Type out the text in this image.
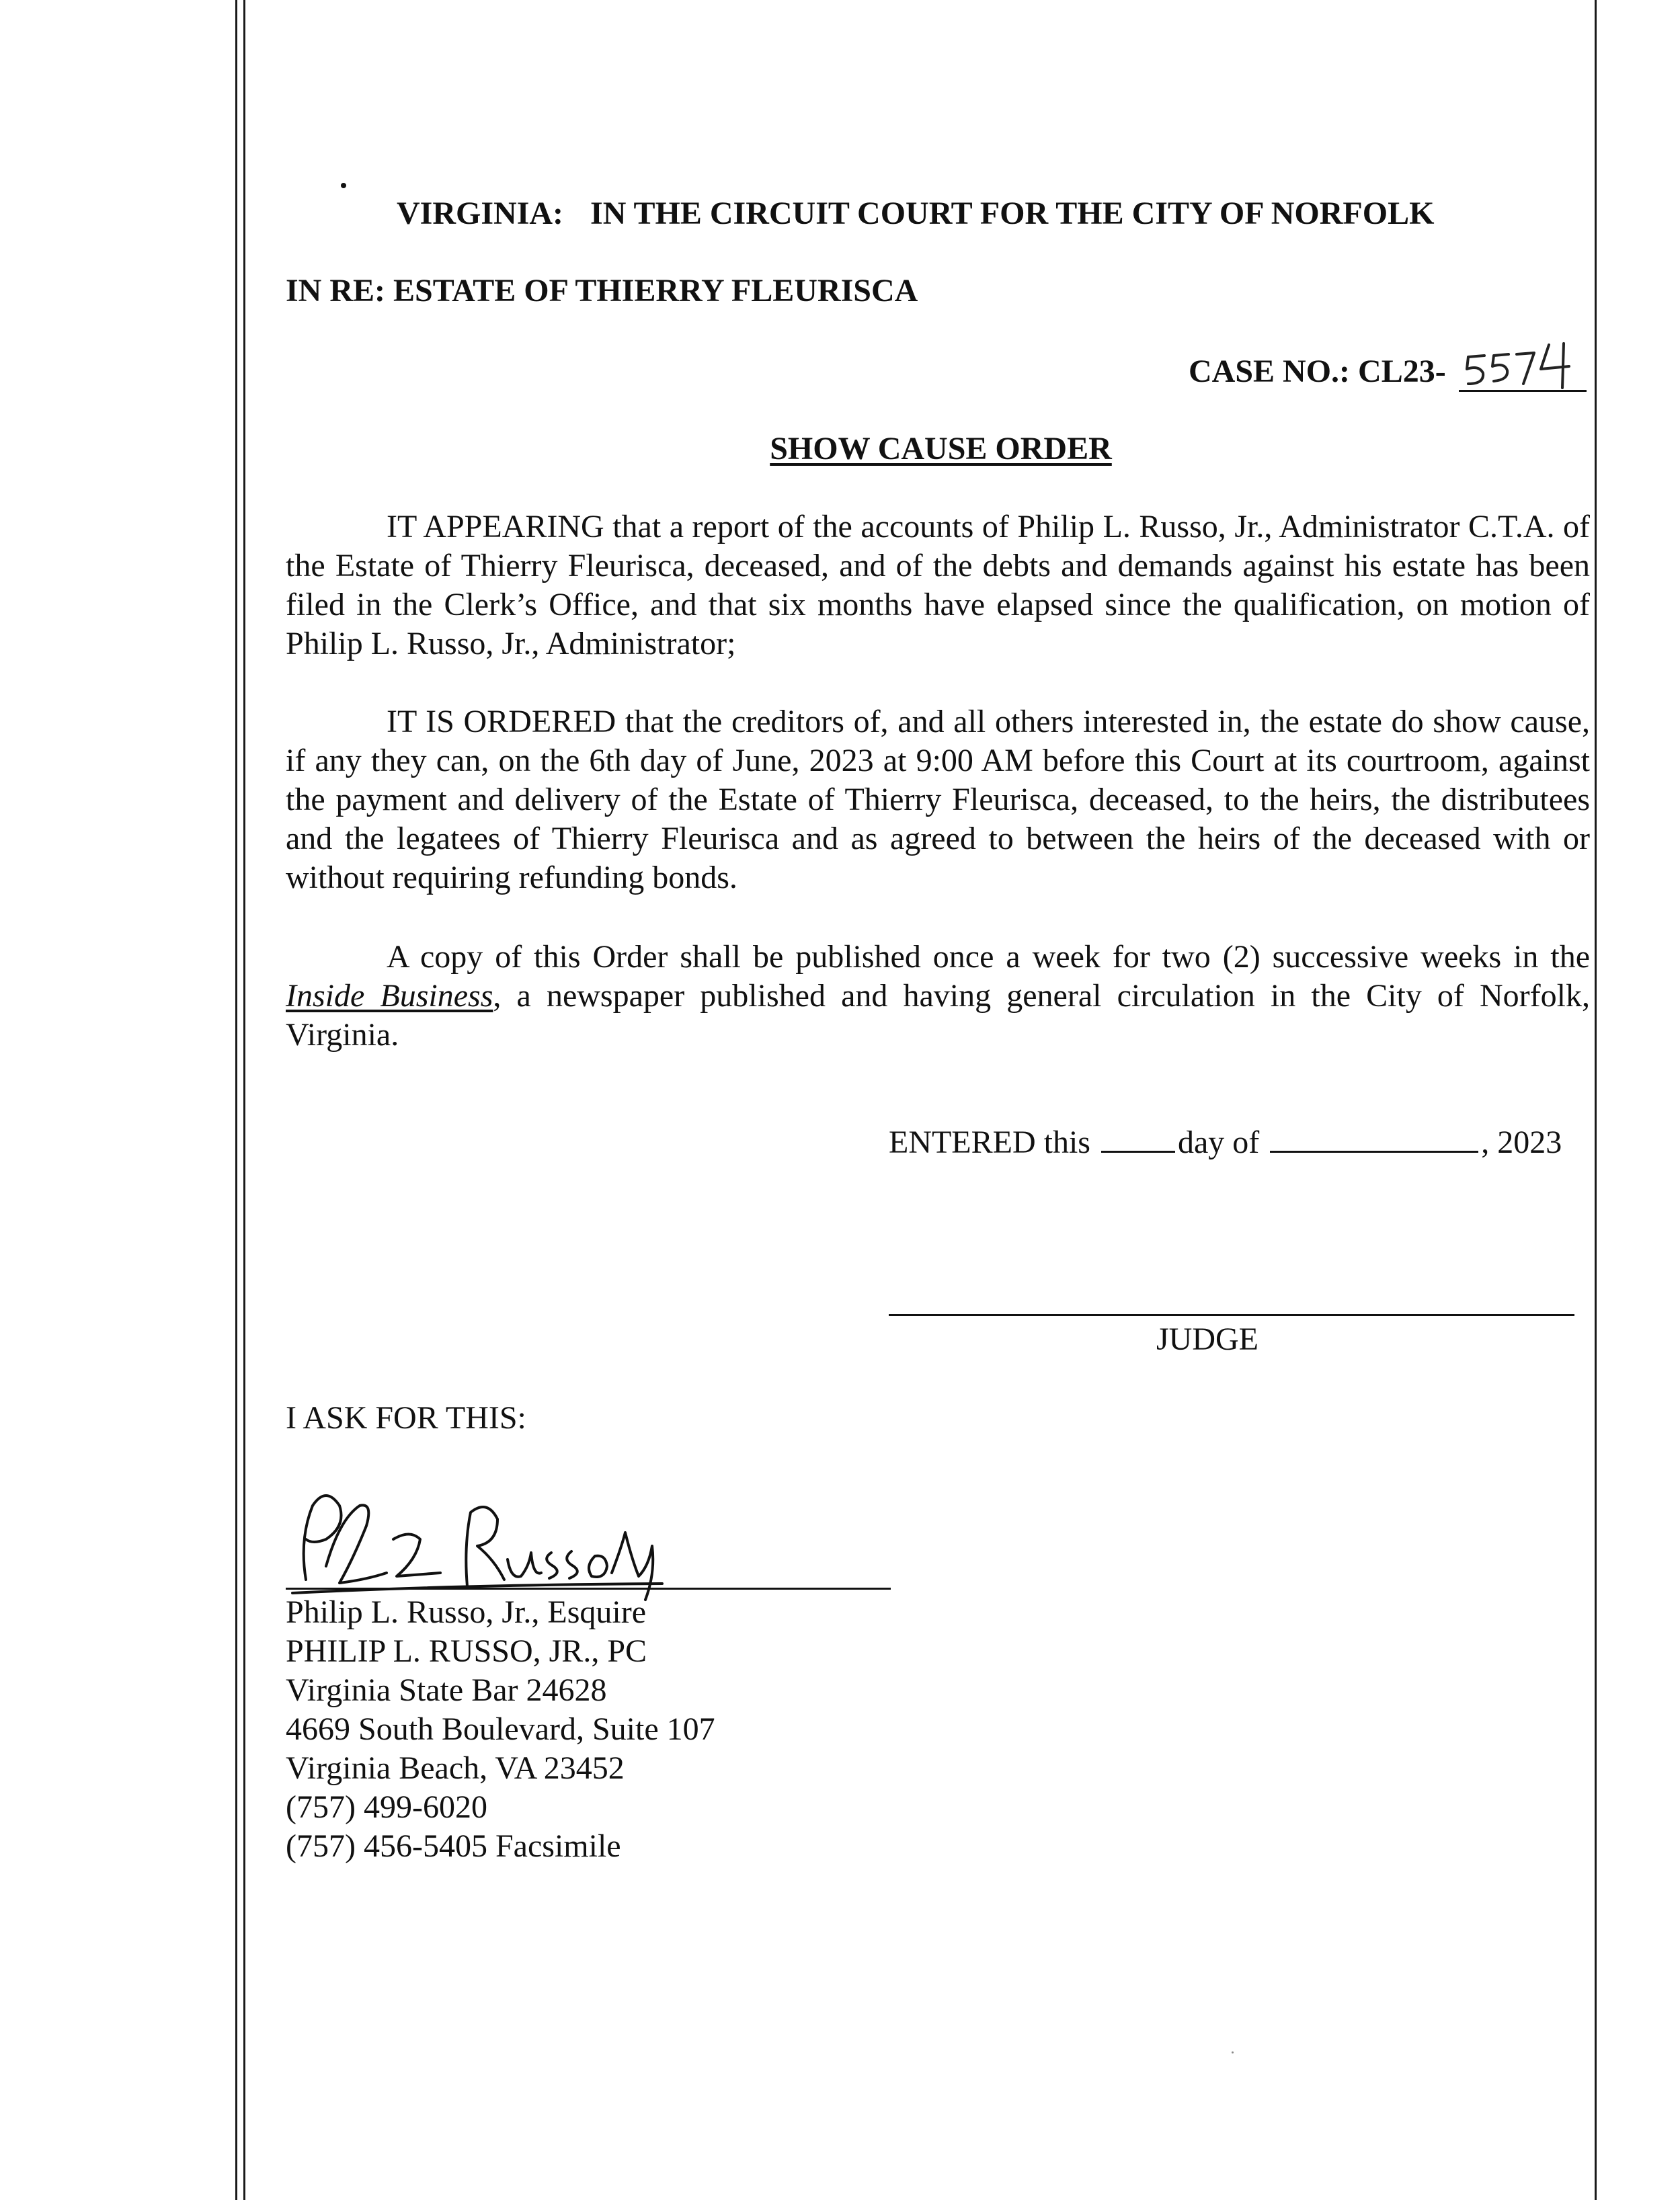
VIRGINIA: IN THE CIRCUIT COURT FOR THE CITY OF NORFOLK
IN RE: ESTATE OF THIERRY FLEURISCA
CASE NO.: CL23-
SHOW CAUSE ORDER
IT APPEARING that a report of the accounts of Philip L. Russo, Jr., Administrator C.T.A. of the Estate of Thierry Fleurisca, deceased, and of the debts and demands against his estate has been filed in the Clerk’s Office, and that six months have elapsed since the qualification, on motion of Philip L. Russo, Jr., Administrator;
IT IS ORDERED that the creditors of, and all others interested in, the estate do show cause, if any they can, on the 6th day of June, 2023 at 9:00 AM before this Court at its courtroom, against the payment and delivery of the Estate of Thierry Fleurisca, deceased, to the heirs, the distributees and the legatees of Thierry Fleurisca and as agreed to between the heirs of the deceased with or without requiring refunding bonds.
A copy of this Order shall be published once a week for two (2) successive weeks in the Inside Business, a newspaper published and having general circulation in the City of Norfolk, Virginia.
ENTERED this	day of	, 2023
JUDGE
I ASK FOR THIS:
Philip L. Russo, Jr., Esquire
PHILIP L. RUSSO, JR., PC
Virginia State Bar 24628
4669 South Boulevard, Suite 107
Virginia Beach, VA 23452
(757) 499-6020
(757) 456-5405 Facsimile
